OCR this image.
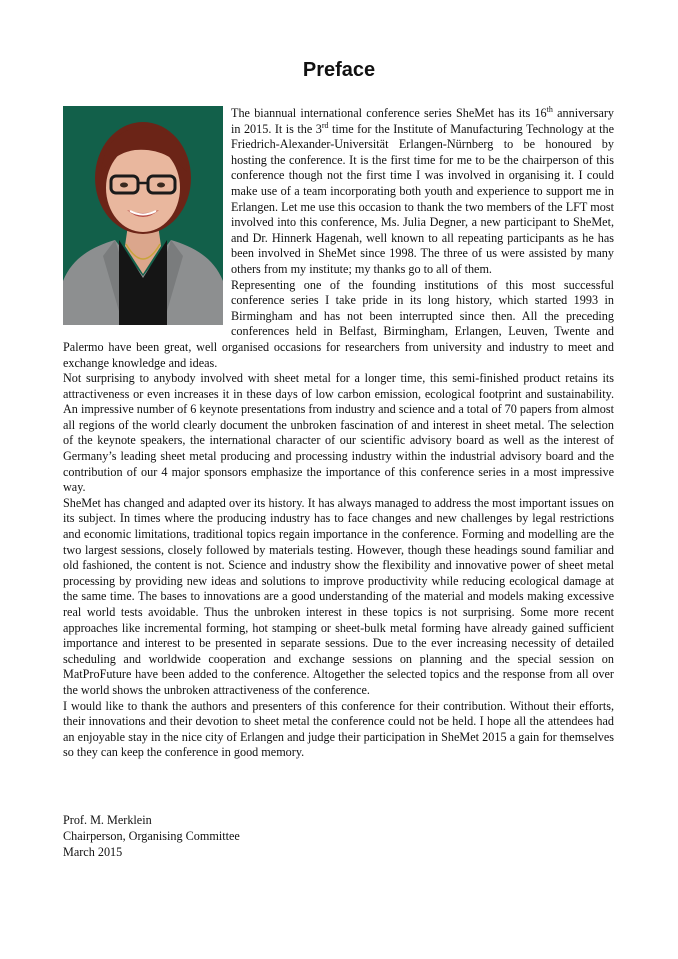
Preface

The biannual international conference series SheMet has its 16th anniversary in 2015. It is the 3rd time for the Institute of Manufacturing Technology at the Friedrich-Alexander-Universität Erlangen-Nürnberg to be honoured by hosting the conference. It is the first time for me to be the chairperson of this conference though not the first time I was involved in organising it. I could make use of a team incorporating both youth and experience to support me in Erlangen. Let me use this occasion to thank the two members of the LFT most involved into this conference, Ms. Julia Degner, a new participant to SheMet, and Dr. Hinnerk Hagenah, well known to all repeating participants as he has been involved in SheMet since 1998. The three of us were assisted by many others from my institute; my thanks go to all of them.

Representing one of the founding institutions of this most successful conference series I take pride in its long history, which started 1993 in Birmingham and has not been interrupted since then. All the preceding conferences held in Belfast, Birmingham, Erlangen, Leuven, Twente and Palermo have been great, well organised occasions for researchers from university and industry to meet and exchange knowledge and ideas.

Not surprising to anybody involved with sheet metal for a longer time, this semi-finished product retains its attractiveness or even increases it in these days of low carbon emission, ecological footprint and sustainability. An impressive number of 6 keynote presentations from industry and science and a total of 70 papers from almost all regions of the world clearly document the unbroken fascination of and interest in sheet metal. The selection of the keynote speakers, the international character of our scientific advisory board as well as the interest of Germany’s leading sheet metal producing and processing industry within the industrial advisory board and the contribution of our 4 major sponsors emphasize the importance of this conference series in a most impressive way.

SheMet has changed and adapted over its history. It has always managed to address the most important issues on its subject. In times where the producing industry has to face changes and new challenges by legal restrictions and economic limitations, traditional topics regain importance in the conference. Forming and modelling are the two largest sessions, closely followed by materials testing. However, though these headings sound familiar and old fashioned, the content is not. Science and industry show the flexibility and innovative power of sheet metal processing by providing new ideas and solutions to improve productivity while reducing ecological damage at the same time. The bases to innovations are a good understanding of the material and models making excessive real world tests avoidable. Thus the unbroken interest in these topics is not surprising. Some more recent approaches like incremental forming, hot stamping or sheet-bulk metal forming have already gained sufficient importance and interest to be presented in separate sessions. Due to the ever increasing necessity of detailed scheduling and worldwide cooperation and exchange sessions on planning and the special session on MatProFuture have been added to the conference. Altogether the selected topics and the response from all over the world shows the unbroken attractiveness of the conference.

I would like to thank the authors and presenters of this conference for their contribution. Without their efforts, their innovations and their devotion to sheet metal the conference could not be held. I hope all the attendees had an enjoyable stay in the nice city of Erlangen and judge their participation in SheMet 2015 a gain for themselves so they can keep the conference in good memory.

Prof. M. Merklein
Chairperson, Organising Committee
March 2015
